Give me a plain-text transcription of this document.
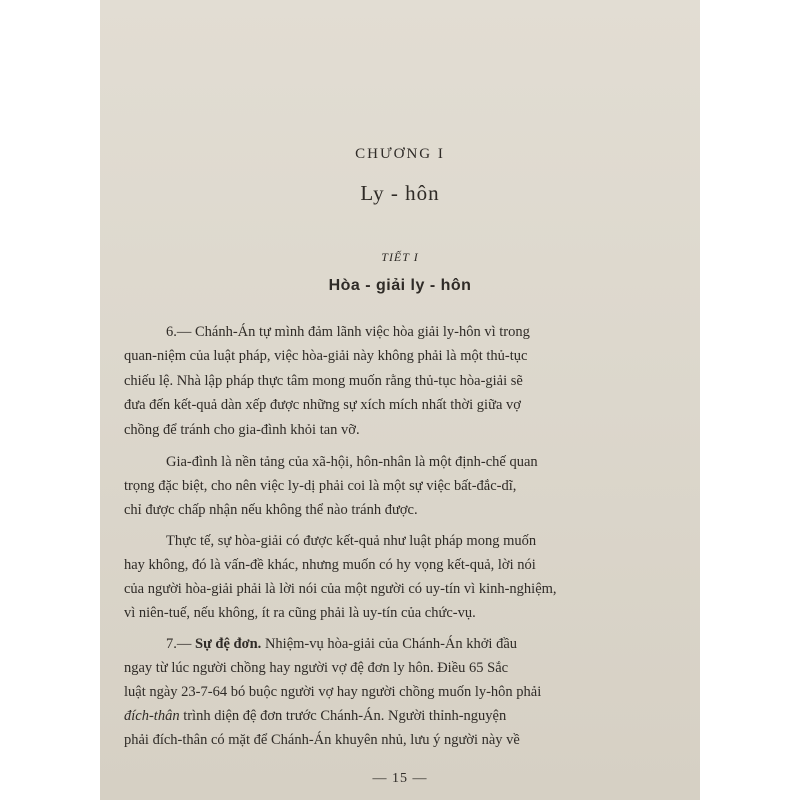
CHƯƠNG I
Ly - hôn
TIẾT I
Hòa - giải ly - hôn
6.— Chánh-Án tự mình đảm lãnh việc hòa giải ly-hôn vì trong
quan-niệm của luật pháp, việc hòa-giải này không phải là một thủ-tục
chiếu lệ. Nhà lập pháp thực tâm mong muốn rằng thủ-tục hòa-giải sẽ
đưa đến kết-quả dàn xếp được những sự xích mích nhất thời giữa vợ
chồng để tránh cho gia-đình khỏi tan vỡ.
Gia-đình là nền tảng của xã-hội, hôn-nhân là một định-chế quan
trọng đặc biệt, cho nên việc ly-dị phải coi là một sự việc bất-đắc-dĩ,
chỉ được chấp nhận nếu không thể nào tránh được.
Thực tế, sự hòa-giải có được kết-quả như luật pháp mong muốn
hay không, đó là vấn-đề khác, nhưng muốn có hy vọng kết-quả, lời nói
của người hòa-giải phải là lời nói của một người có uy-tín vì kinh-nghiệm,
vì niên-tuế, nếu không, ít ra cũng phải là uy-tín của chức-vụ.
7.— Sự đệ đơn. Nhiệm-vụ hòa-giải của Chánh-Án khởi đầu
ngay từ lúc người chồng hay người vợ đệ đơn ly hôn. Điều 65 Sắc
luật ngày 23-7-64 bó buộc người vợ hay người chồng muốn ly-hôn phải
đích-thân trình diện đệ đơn trước Chánh-Án. Người thỉnh-nguyện
phải đích-thân có mặt để Chánh-Án khuyên nhủ, lưu ý người này về
— 15 —
